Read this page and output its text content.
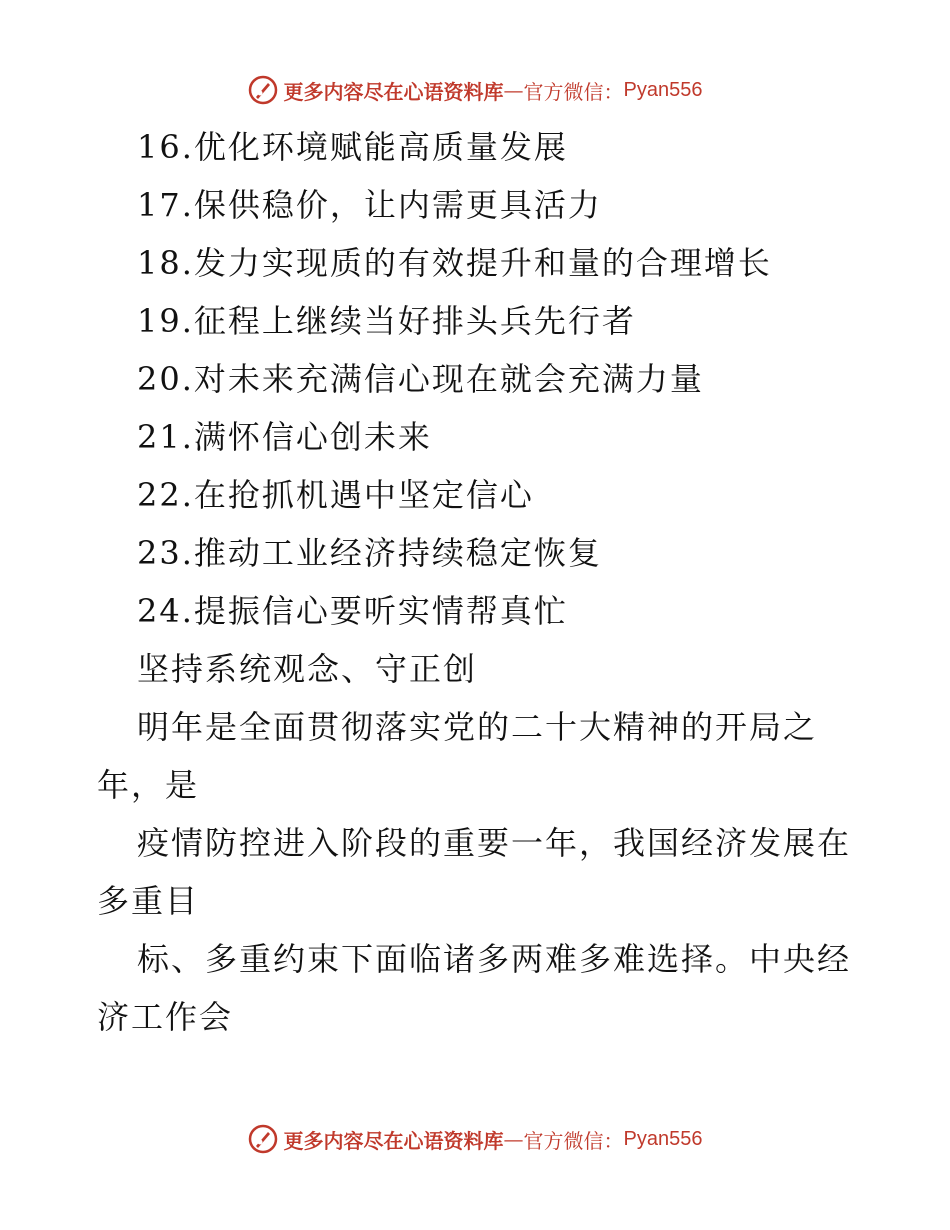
更多内容尽在心语资料库 — 官方微信： Pyan556
16.优化环境赋能高质量发展
17.保供稳价，让内需更具活力
18.发力实现质的有效提升和量的合理增长
19.征程上继续当好排头兵先行者
20.对未来充满信心现在就会充满力量
21.满怀信心创未来
22.在抢抓机遇中坚定信心
23.推动工业经济持续稳定恢复
24.提振信心要听实情帮真忙
坚持系统观念、守正创
明年是全面贯彻落实党的二十大精神的开局之
年，是
疫情防控进入阶段的重要一年，我国经济发展在
多重目
标、多重约束下面临诸多两难多难选择。中央经
济工作会
更多内容尽在心语资料库 — 官方微信： Pyan556
